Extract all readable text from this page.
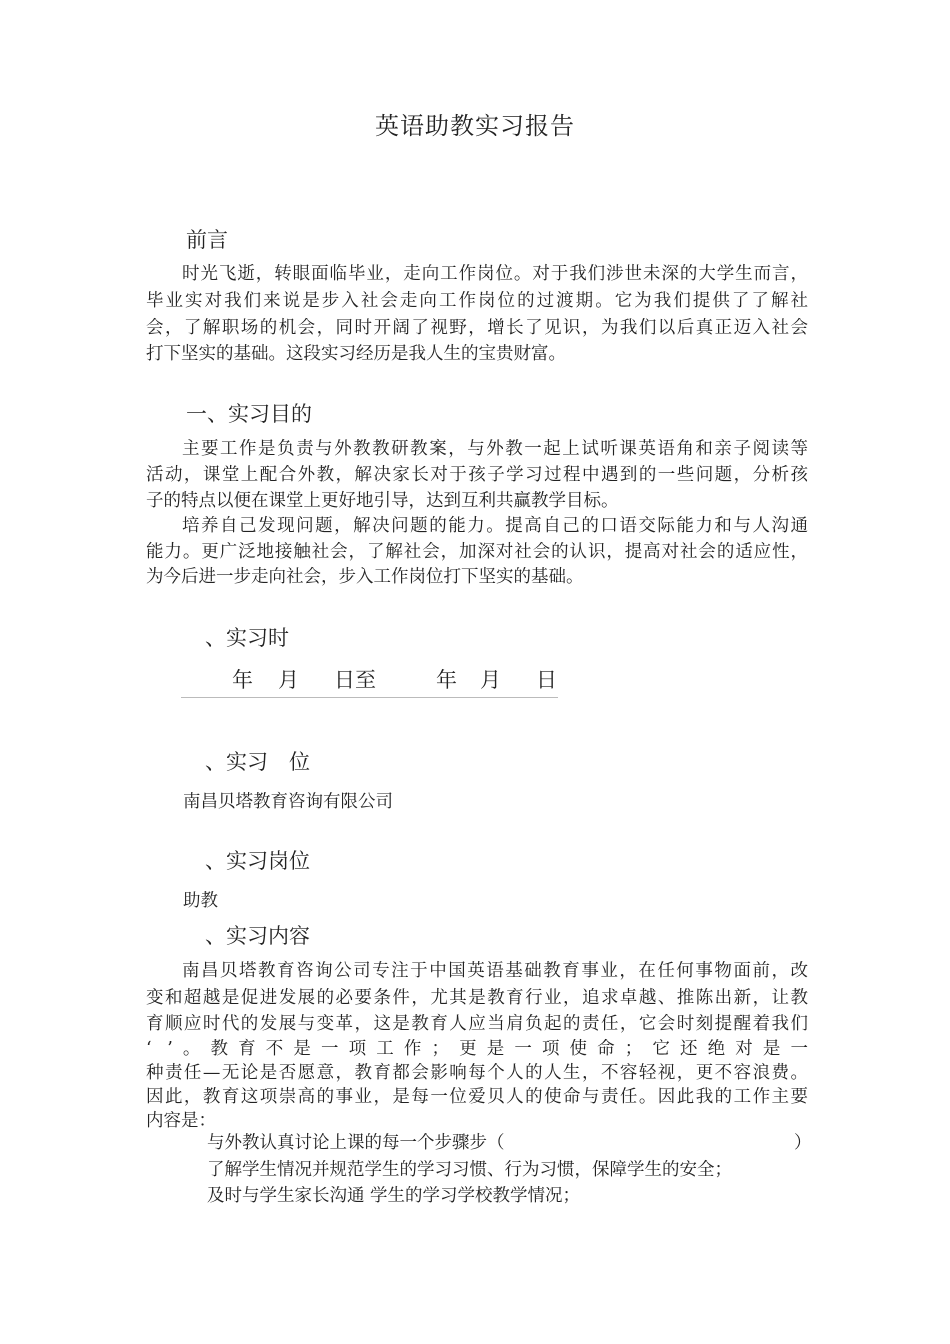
英语助教实习报告
前言
时光飞逝，转眼面临毕业，走向工作岗位。对于我们涉世未深的大学生而言，
毕业实对我们来说是步入社会走向工作岗位的过渡期。它为我们提供了了解社
会，了解职场的机会，同时开阔了视野，增长了见识，为我们以后真正迈入社会
打下坚实的基础。这段实习经历是我人生的宝贵财富。
一、实习目的
主要工作是负责与外教教研教案，与外教一起上试听课英语角和亲子阅读等
活动，课堂上配合外教，解决家长对于孩子学习过程中遇到的一些问题，分析孩
子的特点以便在课堂上更好地引导，达到互利共赢教学目标。
培养自己发现问题，解决问题的能力。提高自己的口语交际能力和与人沟通
能力。更广泛地接触社会，了解社会，加深对社会的认识，提高对社会的适应性，
为今后进一步走向社会，步入工作岗位打下坚实的基础。
、实习时
年 月 日至	年 月 日
、实习　位
南昌贝塔教育咨询有限公司
、实习岗位
助教
、实习内容
南昌贝塔教育咨询公司专注于中国英语基础教育事业，在任何事物面前，改
变和超越是促进发展的必要条件，尤其是教育行业，追求卓越、推陈出新，让教
育顺应时代的发展与变革，这是教育人应当肩负起的责任，它会时刻提醒着我们
‘ ’。教育不是一项工作；更是一项使命；它还绝对是一
种责任—无论是否愿意，教育都会影响每个人的人生，不容轻视，更不容浪费。
因此，教育这项崇高的事业，是每一位爱贝人的使命与责任。因此我的工作主要
内容是：
与外教认真讨论上课的每一个步骤步（	）
了解学生情况并规范学生的学习习惯、行为习惯，保障学生的安全；
及时与学生家长沟通 学生的学习学校教学情况；
